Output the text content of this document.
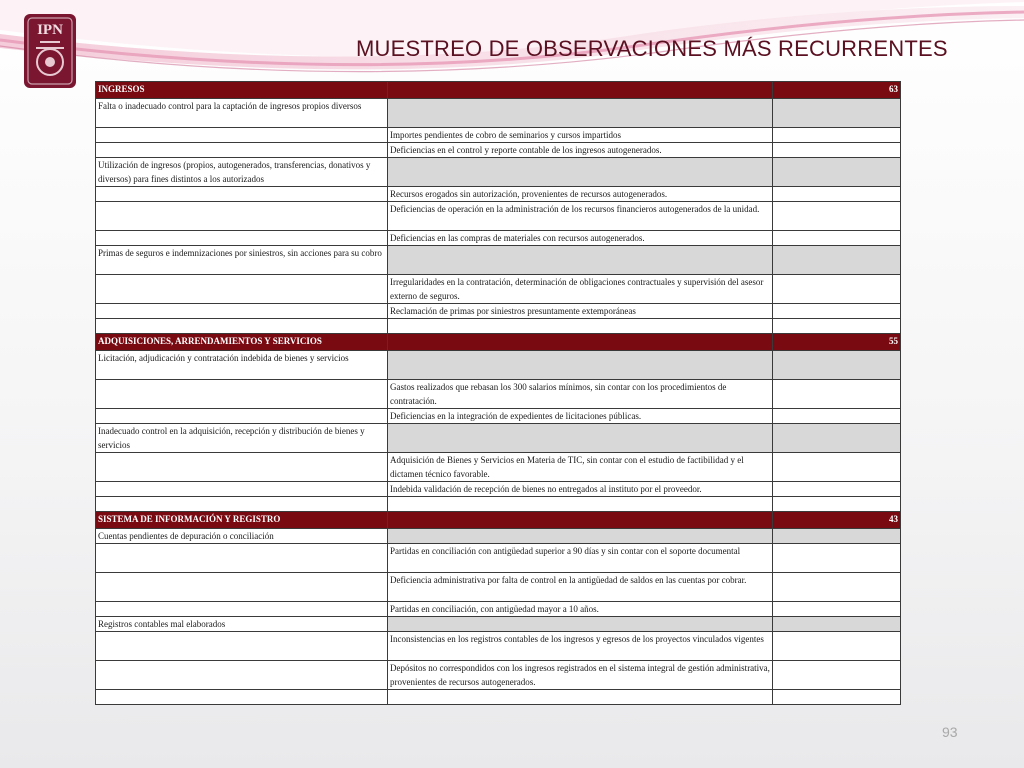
IPN
MUESTREO DE OBSERVACIONES MÁS RECURRENTES
INGRESOS		63
Falta o inadecuado control para la captación de ingresos propios diversos		
	Importes pendientes de cobro de seminarios y cursos impartidos	
	Deficiencias en el control y reporte contable de los ingresos autogenerados.	
Utilización de ingresos (propios, autogenerados, transferencias, donativos y diversos) para fines distintos a los autorizados		
	Recursos erogados sin autorización, provenientes de recursos autogenerados.	
	Deficiencias de operación en la administración de los recursos financieros autogenerados de la unidad.	
	Deficiencias en las compras de materiales con recursos autogenerados.	
Primas de seguros e indemnizaciones por siniestros, sin acciones para su cobro		
	Irregularidades en la contratación, determinación de obligaciones contractuales y supervisión del asesor externo de seguros.	
	Reclamación de primas por siniestros presuntamente extemporáneas	

ADQUISICIONES, ARRENDAMIENTOS Y SERVICIOS		55
Licitación, adjudicación y contratación indebida de bienes y servicios		
	Gastos realizados que rebasan los 300 salarios mínimos, sin contar con los procedimientos de contratación.	
	Deficiencias en la integración de expedientes de licitaciones públicas.	
Inadecuado control en la adquisición, recepción y distribución de bienes y servicios		
	Adquisición de Bienes y Servicios en Materia de TIC, sin contar con el estudio de factibilidad y el dictamen técnico favorable.	
	Indebida validación de recepción de bienes no entregados al instituto por el proveedor.	

SISTEMA DE INFORMACIÓN Y REGISTRO		43
Cuentas pendientes de depuración o conciliación		
	Partidas en conciliación con antigüedad superior a 90 días y sin contar con el soporte documental	
	Deficiencia administrativa por falta de control en la antigüedad de saldos en las cuentas por cobrar.	
	Partidas en conciliación, con antigüedad mayor a 10 años.	
Registros contables mal elaborados		
	Inconsistencias en los registros contables de los ingresos y egresos de los proyectos vinculados vigentes	
	Depósitos no correspondidos con los ingresos registrados en el sistema integral de gestión administrativa, provenientes de recursos autogenerados.	

93
